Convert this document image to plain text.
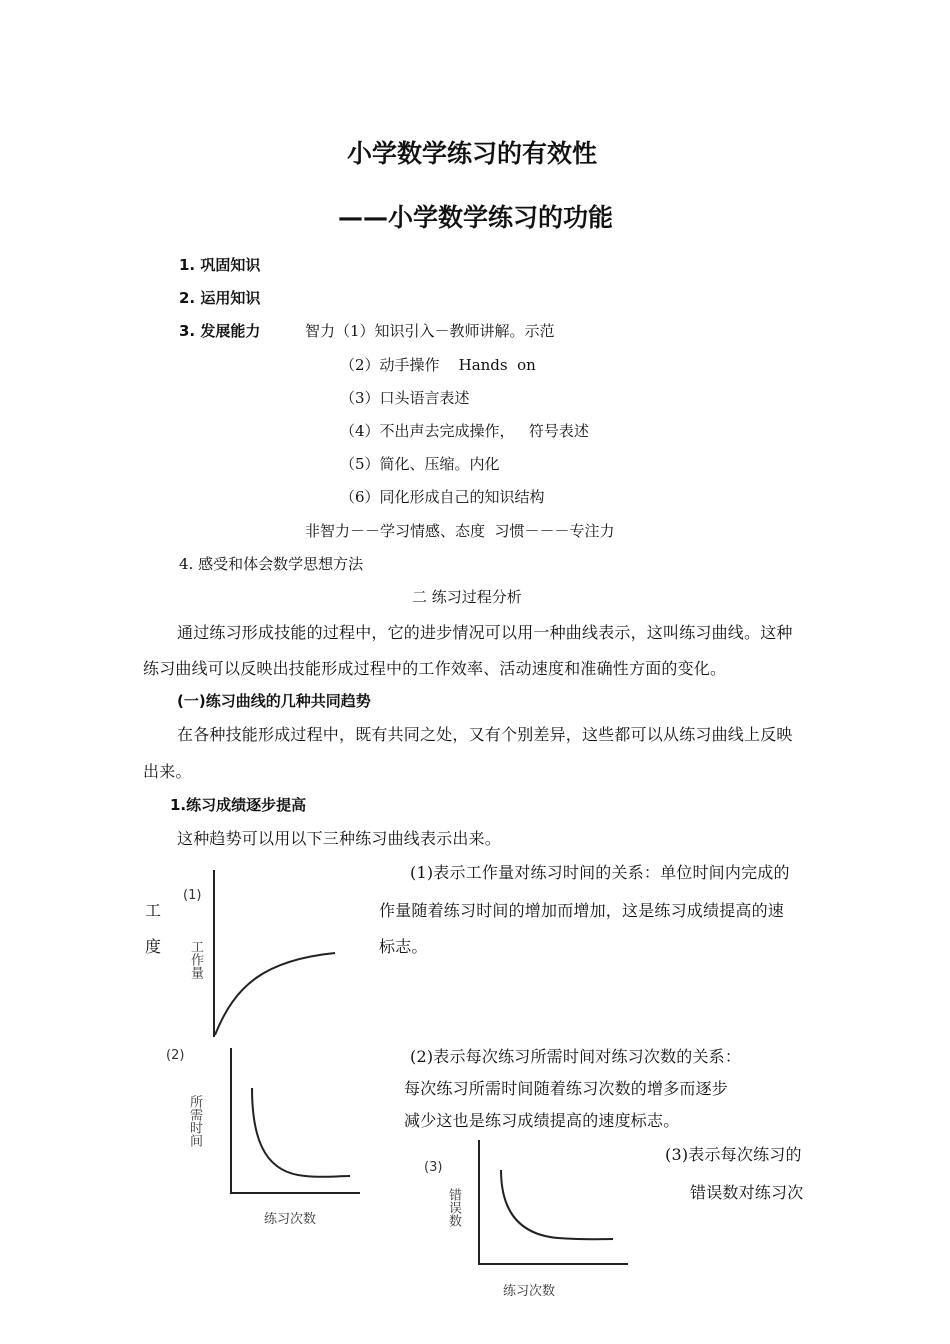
小学数学练习的有效性
——小学数学练习的功能
1. 巩固知识
2. 运用知识
3. 发展能力	智力（1）知识引入－教师讲解。示范
（2）动手操作    Hands  on
（3）口头语言表述
（4）不出声去完成操作，   符号表述
（5）简化、压缩。内化
（6）同化形成自己的知识结构
非智力－－学习情感、态度  习惯－－－专注力
4. 感受和体会数学思想方法
二 练习过程分析
通过练习形成技能的过程中，它的进步情况可以用一种曲线表示，这叫练习曲线。这种
练习曲线可以反映出技能形成过程中的工作效率、活动速度和准确性方面的变化。
(一)练习曲线的几种共同趋势
在各种技能形成过程中，既有共同之处，又有个别差异，这些都可以从练习曲线上反映
出来。
1.练习成绩逐步提高
这种趋势可以用以下三种练习曲线表示出来。
工
度
(1)表示工作量对练习时间的关系：单位时间内完成的
作量随着练习时间的增加而增加，这是练习成绩提高的速
标志。
(2)表示每次练习所需时间对练习次数的关系：
每次练习所需时间随着练习次数的增多而逐步
减少这也是练习成绩提高的速度标志。
(3)表示每次练习的
错误数对练习次
(1)
工作量
(2)
所需时间
练习次数
(3)
错误数
练习次数
